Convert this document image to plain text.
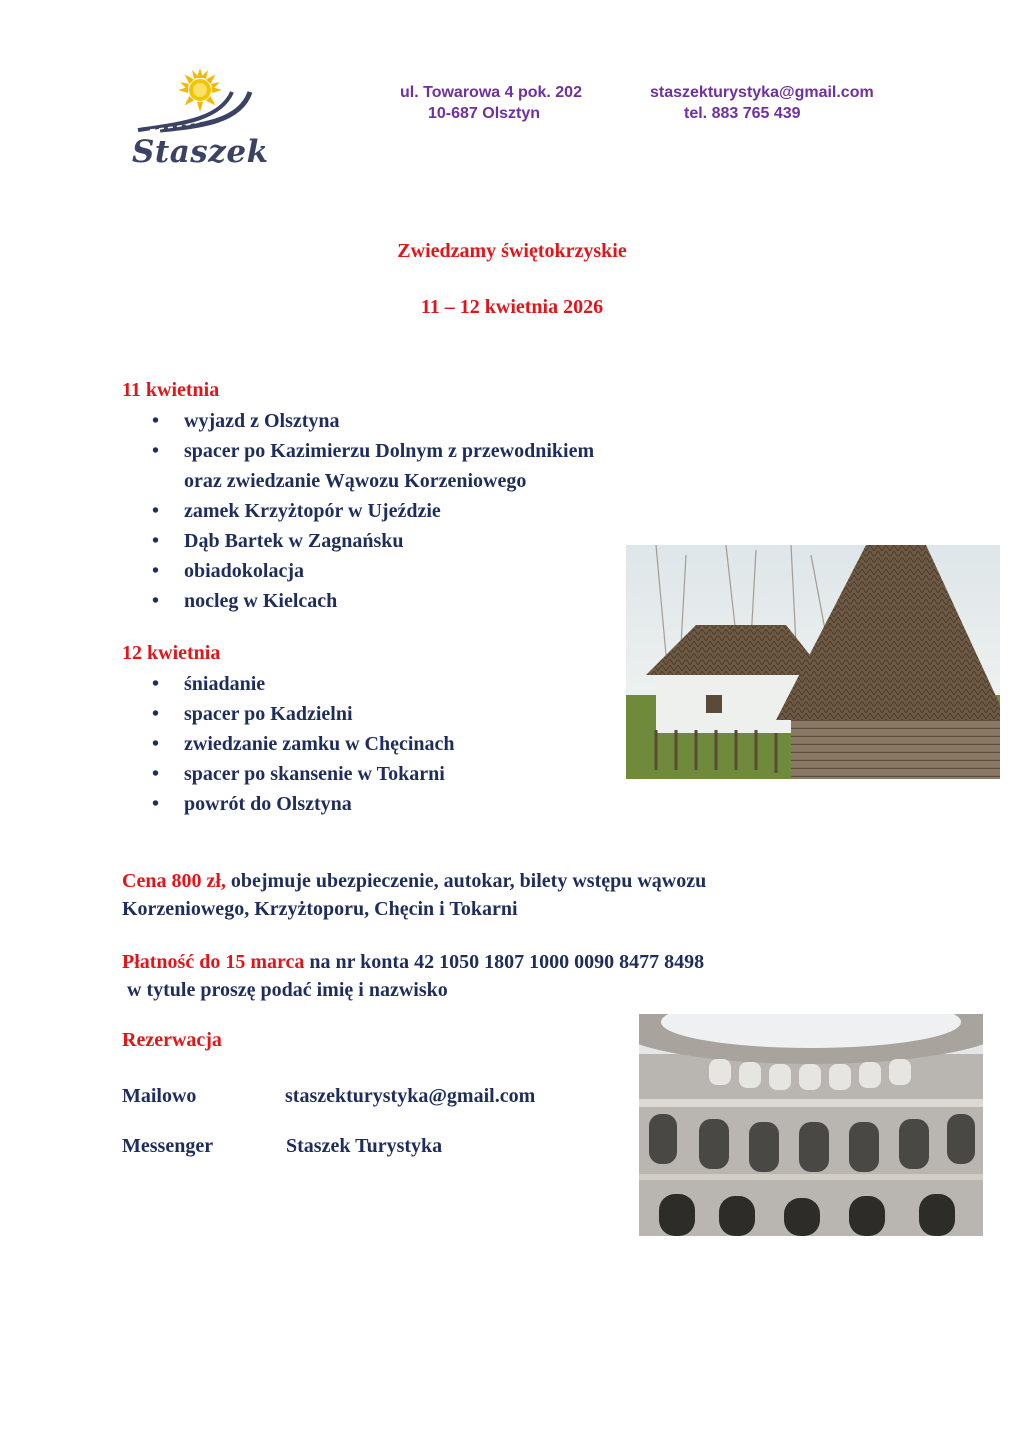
Staszek
ul. Towarowa 4 pok. 202
10-687 Olsztyn
staszekturystyka@gmail.com
tel. 883 765 439
Zwiedzamy świętokrzyskie
11 – 12 kwietnia 2026
11 kwietnia
• wyjazd z Olsztyna
• spacer po Kazimierzu Dolnym z przewodnikiem
oraz zwiedzanie Wąwozu Korzeniowego
• zamek Krzyżtopór w Ujeździe
• Dąb Bartek w Zagnańsku
• obiadokolacja
• nocleg w Kielcach
12 kwietnia
• śniadanie
• spacer po Kadzielni
• zwiedzanie zamku w Chęcinach
• spacer po skansenie w Tokarni
• powrót do Olsztyna
Cena 800 zł, obejmuje ubezpieczenie, autokar, bilety wstępu wąwozu
Korzeniowego, Krzyżtoporu, Chęcin i Tokarni
Płatność do 15 marca na nr konta 42 1050 1807 1000 0090 8477 8498
w tytule proszę podać imię i nazwisko
Rezerwacja
Mailowo	staszekturystyka@gmail.com
Messenger	Staszek Turystyka
